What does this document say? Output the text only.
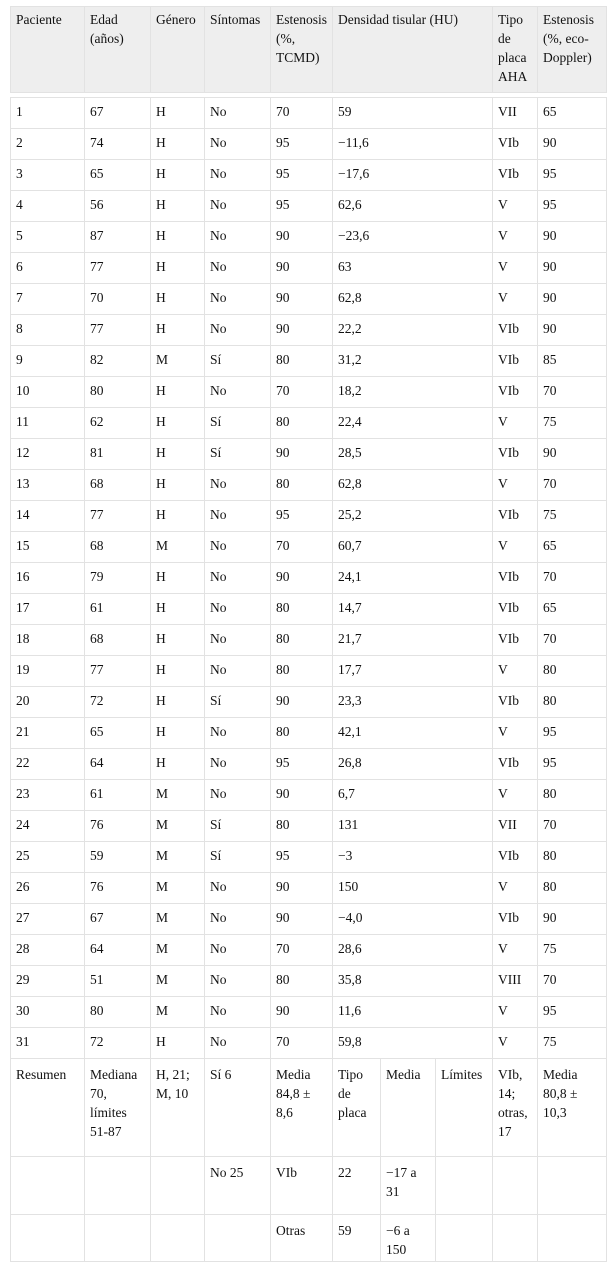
Paciente	Edad (años)	Género	Síntomas	Estenosis (%, TCMD)	Densidad tisular (HU)			Tipo de placa AHA	Estenosis (%, eco-Doppler)

1	67	H	No	70	59			VII	65
2	74	H	No	95	−11,6			VIb	90
3	65	H	No	95	−17,6			VIb	95
4	56	H	No	95	62,6			V	95
5	87	H	No	90	−23,6			V	90
6	77	H	No	90	63			V	90
7	70	H	No	90	62,8			V	90
8	77	H	No	90	22,2			VIb	90
9	82	M	Sí	80	31,2			VIb	85
10	80	H	No	70	18,2			VIb	70
11	62	H	Sí	80	22,4			V	75
12	81	H	Sí	90	28,5			VIb	90
13	68	H	No	80	62,8			V	70
14	77	H	No	95	25,2			VIb	75
15	68	M	No	70	60,7			V	65
16	79	H	No	90	24,1			VIb	70
17	61	H	No	80	14,7			VIb	65
18	68	H	No	80	21,7			VIb	70
19	77	H	No	80	17,7			V	80
20	72	H	Sí	90	23,3			VIb	80
21	65	H	No	80	42,1			V	95
22	64	H	No	95	26,8			VIb	95
23	61	M	No	90	6,7			V	80
24	76	M	Sí	80	131			VII	70
25	59	M	Sí	95	−3			VIb	80
26	76	M	No	90	150			V	80
27	67	M	No	90	−4,0			VIb	90
28	64	M	No	70	28,6			V	75
29	51	M	No	80	35,8			VIII	70
30	80	M	No	90	11,6			V	95
31	72	H	No	70	59,8			V	75
Resumen	Mediana 70, límites 51-87	H, 21; M, 10	Sí 6	Media 84,8 ± 8,6	Tipo de placa	Media	Límites	VIb, 14; otras, 17	Media 80,8 ± 10,3
			No 25	VIb	22	−17 a 31			
				Otras	59	−6 a 150			
